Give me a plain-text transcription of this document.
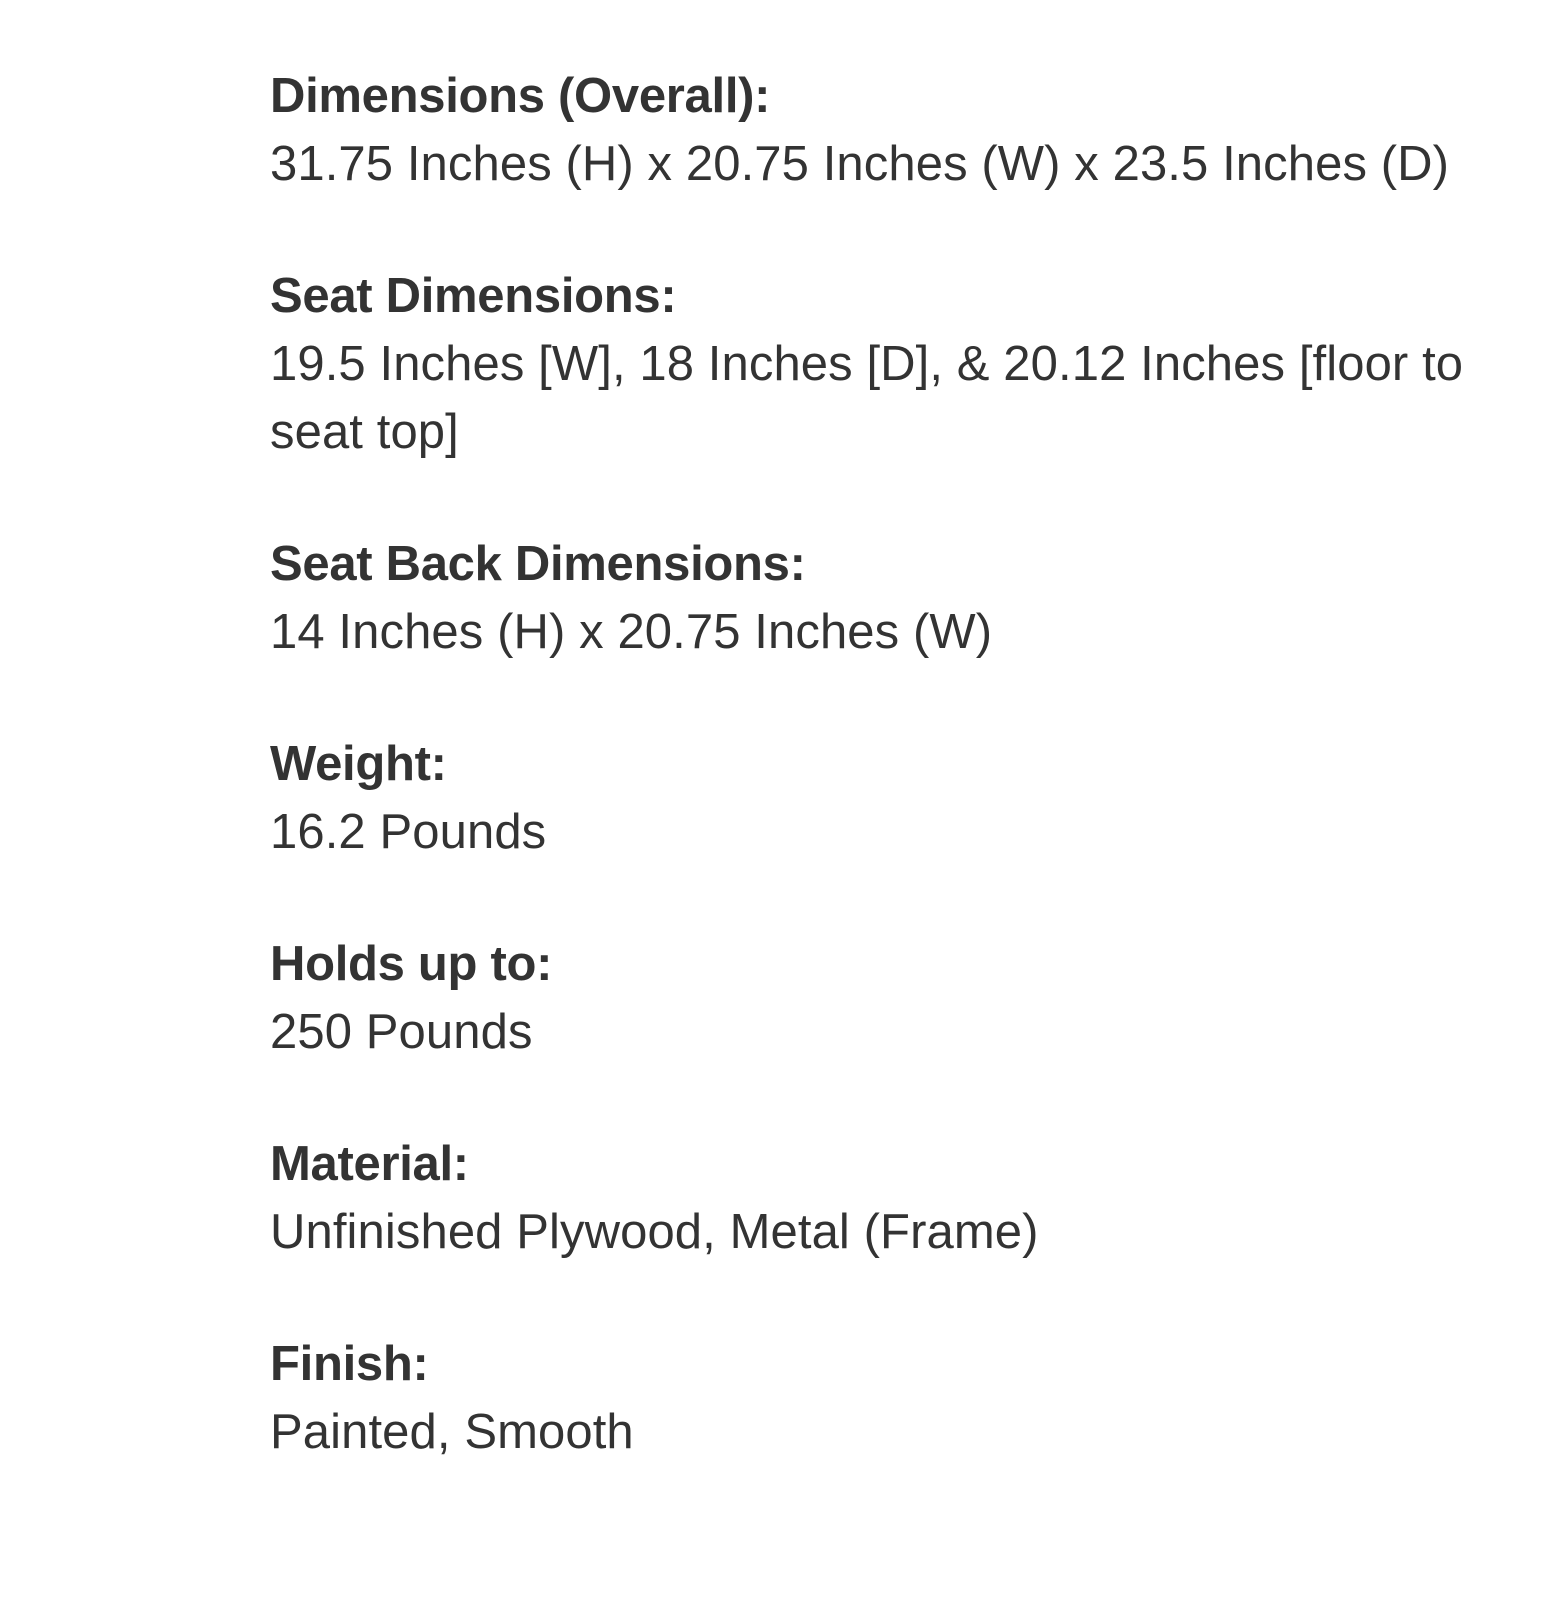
Dimensions (Overall):
31.75 Inches (H) x 20.75 Inches (W) x 23.5 Inches (D)
Seat Dimensions:
19.5 Inches [W], 18 Inches [D], & 20.12 Inches [floor to seat top]
Seat Back Dimensions:
14 Inches (H) x 20.75 Inches (W)
Weight:
16.2 Pounds
Holds up to:
250 Pounds
Material:
Unfinished Plywood, Metal (Frame)
Finish:
Painted, Smooth
